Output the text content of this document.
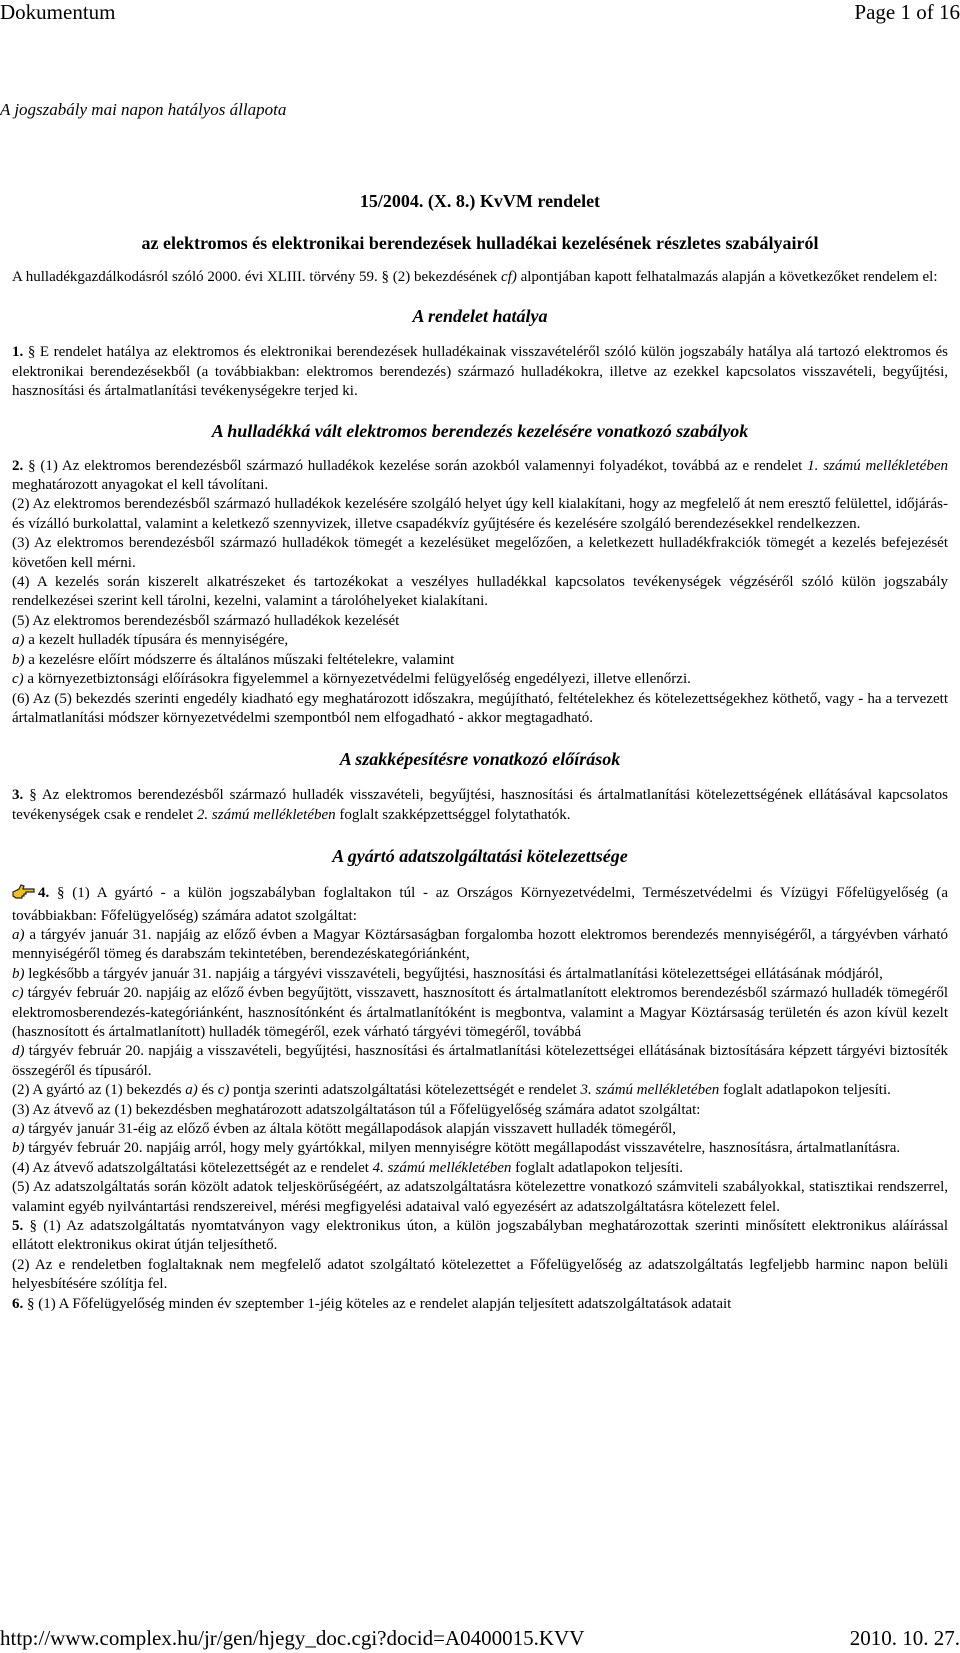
Dokumentum	Page 1 of 16
A jogszabály mai napon hatályos állapota

15/2004. (X. 8.) KvVM rendelet

az elektromos és elektronikai berendezések hulladékai kezelésének részletes szabályairól

A hulladékgazdálkodásról szóló 2000. évi XLIII. törvény 59. § (2) bekezdésének cf) alpontjában kapott felhatalmazás alapján a következőket rendelem el:

A rendelet hatálya

1. § E rendelet hatálya az elektromos és elektronikai berendezések hulladékainak visszavételéről szóló külön jogszabály hatálya alá tartozó elektromos és elektronikai berendezésekből (a továbbiakban: elektromos berendezés) származó hulladékokra, illetve az ezekkel kapcsolatos visszavételi, begyűjtési, hasznosítási és ártalmatlanítási tevékenységekre terjed ki.

A hulladékká vált elektromos berendezés kezelésére vonatkozó szabályok

2. § (1) Az elektromos berendezésből származó hulladékok kezelése során azokból valamennyi folyadékot, továbbá az e rendelet 1. számú mellékletében meghatározott anyagokat el kell távolítani.

(2) Az elektromos berendezésből származó hulladékok kezelésére szolgáló helyet úgy kell kialakítani, hogy az megfelelő át nem eresztő felülettel, időjárás- és vízálló burkolattal, valamint a keletkező szennyvizek, illetve csapadékvíz gyűjtésére és kezelésére szolgáló berendezésekkel rendelkezzen.

(3) Az elektromos berendezésből származó hulladékok tömegét a kezelésüket megelőzően, a keletkezett hulladékfrakciók tömegét a kezelés befejezését követően kell mérni.

(4) A kezelés során kiszerelt alkatrészeket és tartozékokat a veszélyes hulladékkal kapcsolatos tevékenységek végzéséről szóló külön jogszabály rendelkezései szerint kell tárolni, kezelni, valamint a tárolóhelyeket kialakítani.

(5) Az elektromos berendezésből származó hulladékok kezelését

a) a kezelt hulladék típusára és mennyiségére,

b) a kezelésre előírt módszerre és általános műszaki feltételekre, valamint

c) a környezetbiztonsági előírásokra figyelemmel a környezetvédelmi felügyelőség engedélyezi, illetve ellenőrzi.

(6) Az (5) bekezdés szerinti engedély kiadható egy meghatározott időszakra, megújítható, feltételekhez és kötelezettségekhez köthető, vagy - ha a tervezett ártalmatlanítási módszer környezetvédelmi szempontból nem elfogadható - akkor megtagadható.

A szakképesítésre vonatkozó előírások

3. § Az elektromos berendezésből származó hulladék visszavételi, begyűjtési, hasznosítási és ártalmatlanítási kötelezettségének ellátásával kapcsolatos tevékenységek csak e rendelet 2. számú mellékletében foglalt szakképzettséggel folytathatók.

A gyártó adatszolgáltatási kötelezettsége

4. § (1) A gyártó - a külön jogszabályban foglaltakon túl - az Országos Környezetvédelmi, Természetvédelmi és Vízügyi Főfelügyelőség (a továbbiakban: Főfelügyelőség) számára adatot szolgáltat:

a) a tárgyév január 31. napjáig az előző évben a Magyar Köztársaságban forgalomba hozott elektromos berendezés mennyiségéről, a tárgyévben várható mennyiségéről tömeg és darabszám tekintetében, berendezéskategóriánként,

b) legkésőbb a tárgyév január 31. napjáig a tárgyévi visszavételi, begyűjtési, hasznosítási és ártalmatlanítási kötelezettségei ellátásának módjáról,

c) tárgyév február 20. napjáig az előző évben begyűjtött, visszavett, hasznosított és ártalmatlanított elektromos berendezésből származó hulladék tömegéről elektromosberendezés-kategóriánként, hasznosítónként és ártalmatlanítóként is megbontva, valamint a Magyar Köztársaság területén és azon kívül kezelt (hasznosított és ártalmatlanított) hulladék tömegéről, ezek várható tárgyévi tömegéről, továbbá

d) tárgyév február 20. napjáig a visszavételi, begyűjtési, hasznosítási és ártalmatlanítási kötelezettségei ellátásának biztosítására képzett tárgyévi biztosíték összegéről és típusáról.

(2) A gyártó az (1) bekezdés a) és c) pontja szerinti adatszolgáltatási kötelezettségét e rendelet 3. számú mellékletében foglalt adatlapokon teljesíti.

(3) Az átvevő az (1) bekezdésben meghatározott adatszolgáltatáson túl a Főfelügyelőség számára adatot szolgáltat:

a) tárgyév január 31-éig az előző évben az általa kötött megállapodások alapján visszavett hulladék tömegéről,

b) tárgyév február 20. napjáig arról, hogy mely gyártókkal, milyen mennyiségre kötött megállapodást visszavételre, hasznosításra, ártalmatlanításra.

(4) Az átvevő adatszolgáltatási kötelezettségét az e rendelet 4. számú mellékletében foglalt adatlapokon teljesíti.

(5) Az adatszolgáltatás során közölt adatok teljeskörűségéért, az adatszolgáltatásra kötelezettre vonatkozó számviteli szabályokkal, statisztikai rendszerrel, valamint egyéb nyilvántartási rendszereivel, mérési megfigyelési adataival való egyezésért az adatszolgáltatásra kötelezett felel.

5. § (1) Az adatszolgáltatás nyomtatványon vagy elektronikus úton, a külön jogszabályban meghatározottak szerinti minősített elektronikus aláírással ellátott elektronikus okirat útján teljesíthető.

(2) Az e rendeletben foglaltaknak nem megfelelő adatot szolgáltató kötelezettet a Főfelügyelőség az adatszolgáltatás legfeljebb harminc napon belüli helyesbítésére szólítja fel.

6. § (1) A Főfelügyelőség minden év szeptember 1-jéig köteles az e rendelet alapján teljesített adatszolgáltatások adatait

http://www.complex.hu/jr/gen/hjegy_doc.cgi?docid=A0400015.KVV	2010. 10. 27.
